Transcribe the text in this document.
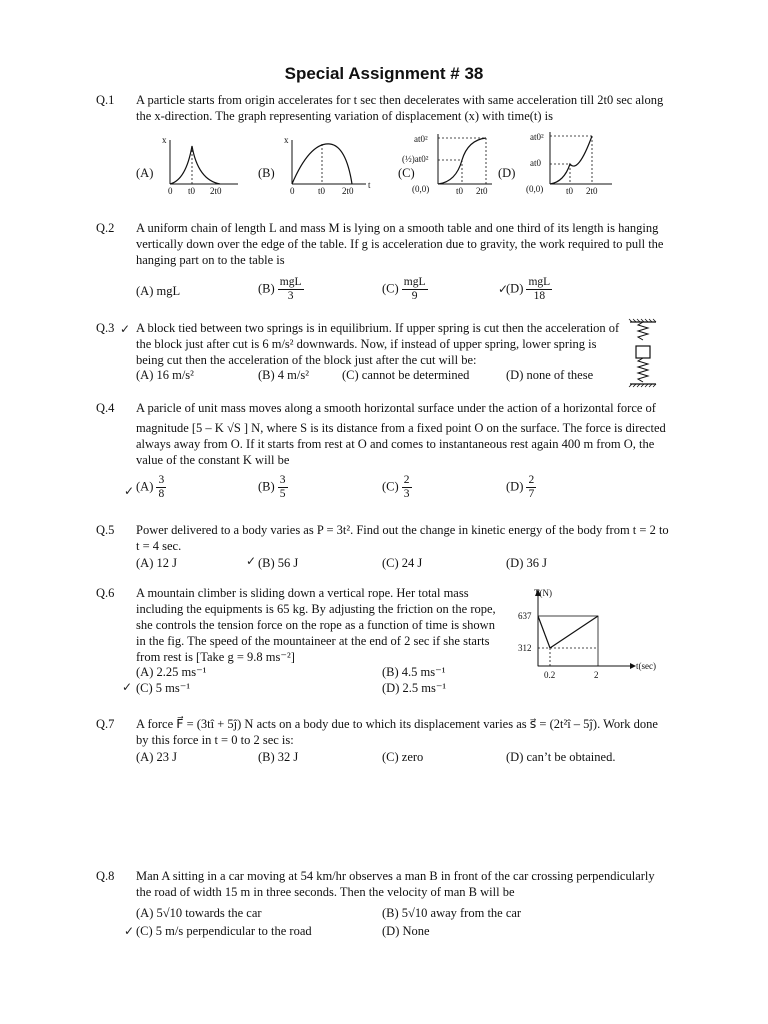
Special Assignment # 38
Q.1	A particle starts from origin accelerates for t sec then decelerates with same acceleration till 2t0 sec along the x-direction. The graph representing variation of displacement (x) with time(t) is
(A)	(B)	(C)	(D)
x
0 t0 2t0
x
t
0	t0 2t0
at0²
(½)at0²
(0,0)	t0 2t0
at0²
at0
(0,0)	t0 2t0
Q.2	A uniform chain of length L and mass M is lying on a smooth table and one third of its length is hanging vertically down over the edge of the table. If g is acceleration due to gravity, the work required to pull the hanging part on to the table is
(A) mgL	$(B) \frac{\text{mgL}}{3}$	$(C) \frac{\text{mgL}}{9}$	$(D) \frac{\text{mgL}}{18}$
✓
Q.3	A block tied between two springs is in equilibrium. If upper spring is cut then the acceleration of the block just after cut is 6 m/s² downwards. Now, if instead of upper spring, lower spring is being cut then the acceleration of the block just after the cut will be:
(A) 16 m/s²	(B) 4 m/s²	(C) cannot be determined	(D) none of these
✓
Q.4	A paricle of unit mass moves along a smooth horizontal surface under the action of a horizontal force of
magnitude [5 – K √S ] N, where S is its distance from a fixed point O on the surface. The force is directed always away from O. If it starts from rest at O and comes to instantaneous rest again 400 m from O, the value of the constant K will be
$(A) \frac{3}{8}$	$(B) \frac{3}{5}$	$(C) \frac{2}{3}$	$(D) \frac{2}{7}$
✓
Q.5	Power delivered to a body varies as P = 3t². Find out the change in kinetic energy of the body from t = 2 to t = 4 sec.
(A) 12 J	(B) 56 J	(C) 24 J	(D) 36 J
✓
Q.6	A mountain climber is sliding down a vertical rope. Her total mass including the equipments is 65 kg. By adjusting the friction on the rope, she controls the tension force on the rope as a function of time is shown in the fig. The speed of the mountaineer at the end of 2 sec if she starts from rest is [Take g = 9.8 ms⁻²]
(A) 2.25 ms⁻¹	(B) 4.5 ms⁻¹
(C) 5 ms⁻¹	(D) 2.5 ms⁻¹
✓
T(N)
637
312
0.2	2
t(sec)
Q.7	A force F⃗ = (3tî + 5ĵ) N acts on a body due to which its displacement varies as s⃗ = (2t²î – 5ĵ). Work done by this force in t = 0 to 2 sec is:
(A) 23 J	(B) 32 J	(C) zero	(D) can’t be obtained.
Q.8	Man A sitting in a car moving at 54 km/hr observes a man B in front of the car crossing perpendicularly the road of width 15 m in three seconds. Then the velocity of man B will be
(A) 5√10 towards the car	(B) 5√10 away from the car
(C) 5 m/s perpendicular to the road	(D) None
✓
